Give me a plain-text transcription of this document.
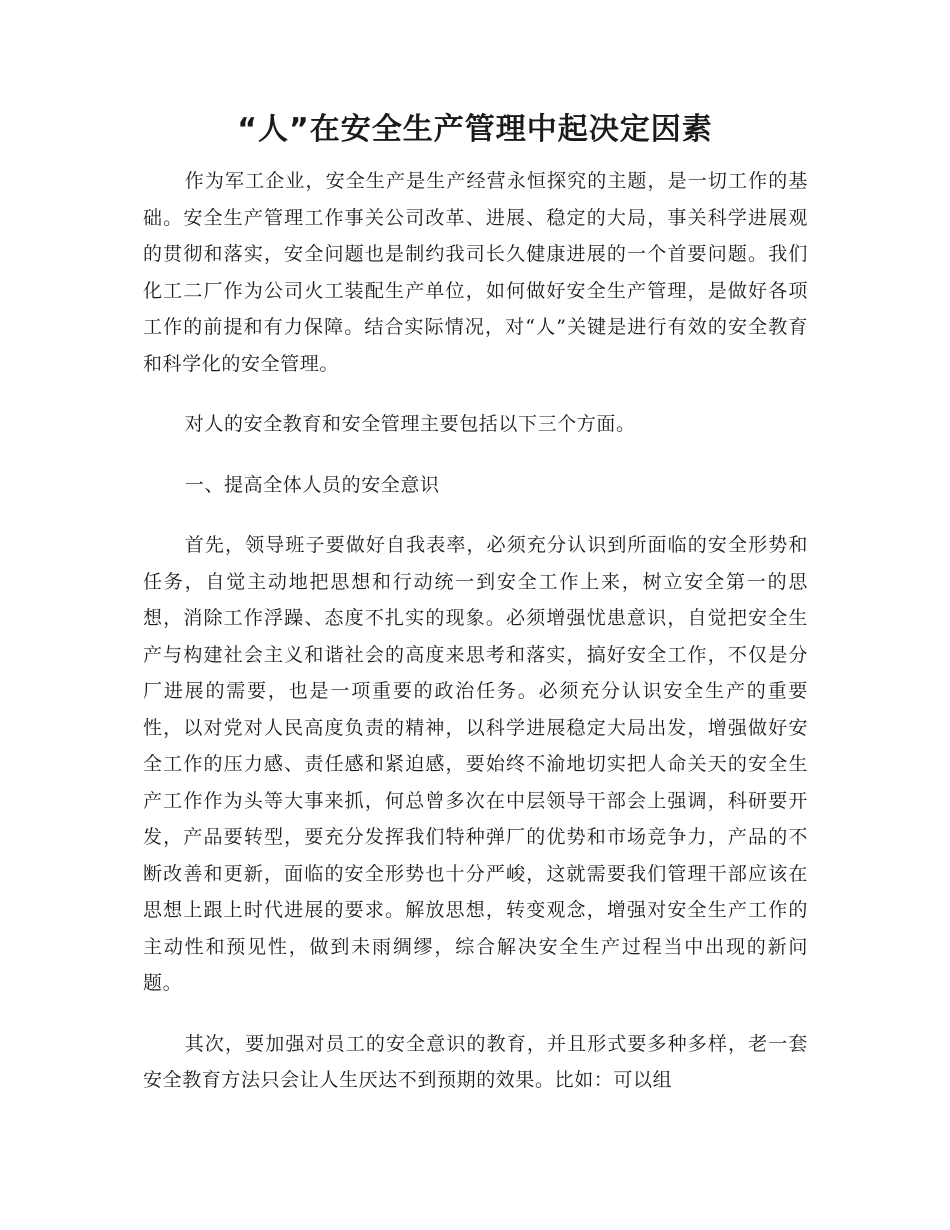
“人”在安全生产管理中起决定因素

作为军工企业，安全生产是生产经营永恒探究的主题，是一切工作的基础。安全生产管理工作事关公司改革、进展、稳定的大局，事关科学进展观的贯彻和落实，安全问题也是制约我司长久健康进展的一个首要问题。我们化工二厂作为公司火工装配生产单位，如何做好安全生产管理，是做好各项工作的前提和有力保障。结合实际情况，对“人”关键是进行有效的安全教育和科学化的安全管理。

对人的安全教育和安全管理主要包括以下三个方面。

一、提高全体人员的安全意识

首先，领导班子要做好自我表率，必须充分认识到所面临的安全形势和任务，自觉主动地把思想和行动统一到安全工作上来，树立安全第一的思想，消除工作浮躁、态度不扎实的现象。必须增强忧患意识，自觉把安全生产与构建社会主义和谐社会的高度来思考和落实，搞好安全工作，不仅是分厂进展的需要，也是一项重要的政治任务。必须充分认识安全生产的重要性，以对党对人民高度负责的精神，以科学进展稳定大局出发，增强做好安全工作的压力感、责任感和紧迫感，要始终不渝地切实把人命关天的安全生产工作作为头等大事来抓，何总曾多次在中层领导干部会上强调，科研要开发，产品要转型，要充分发挥我们特种弹厂的优势和市场竞争力，产品的不断改善和更新，面临的安全形势也十分严峻，这就需要我们管理干部应该在思想上跟上时代进展的要求。解放思想，转变观念，增强对安全生产工作的主动性和预见性，做到未雨绸缪，综合解决安全生产过程当中出现的新问题。

其次，要加强对员工的安全意识的教育，并且形式要多种多样，老一套安全教育方法只会让人生厌达不到预期的效果。比如：可以组
